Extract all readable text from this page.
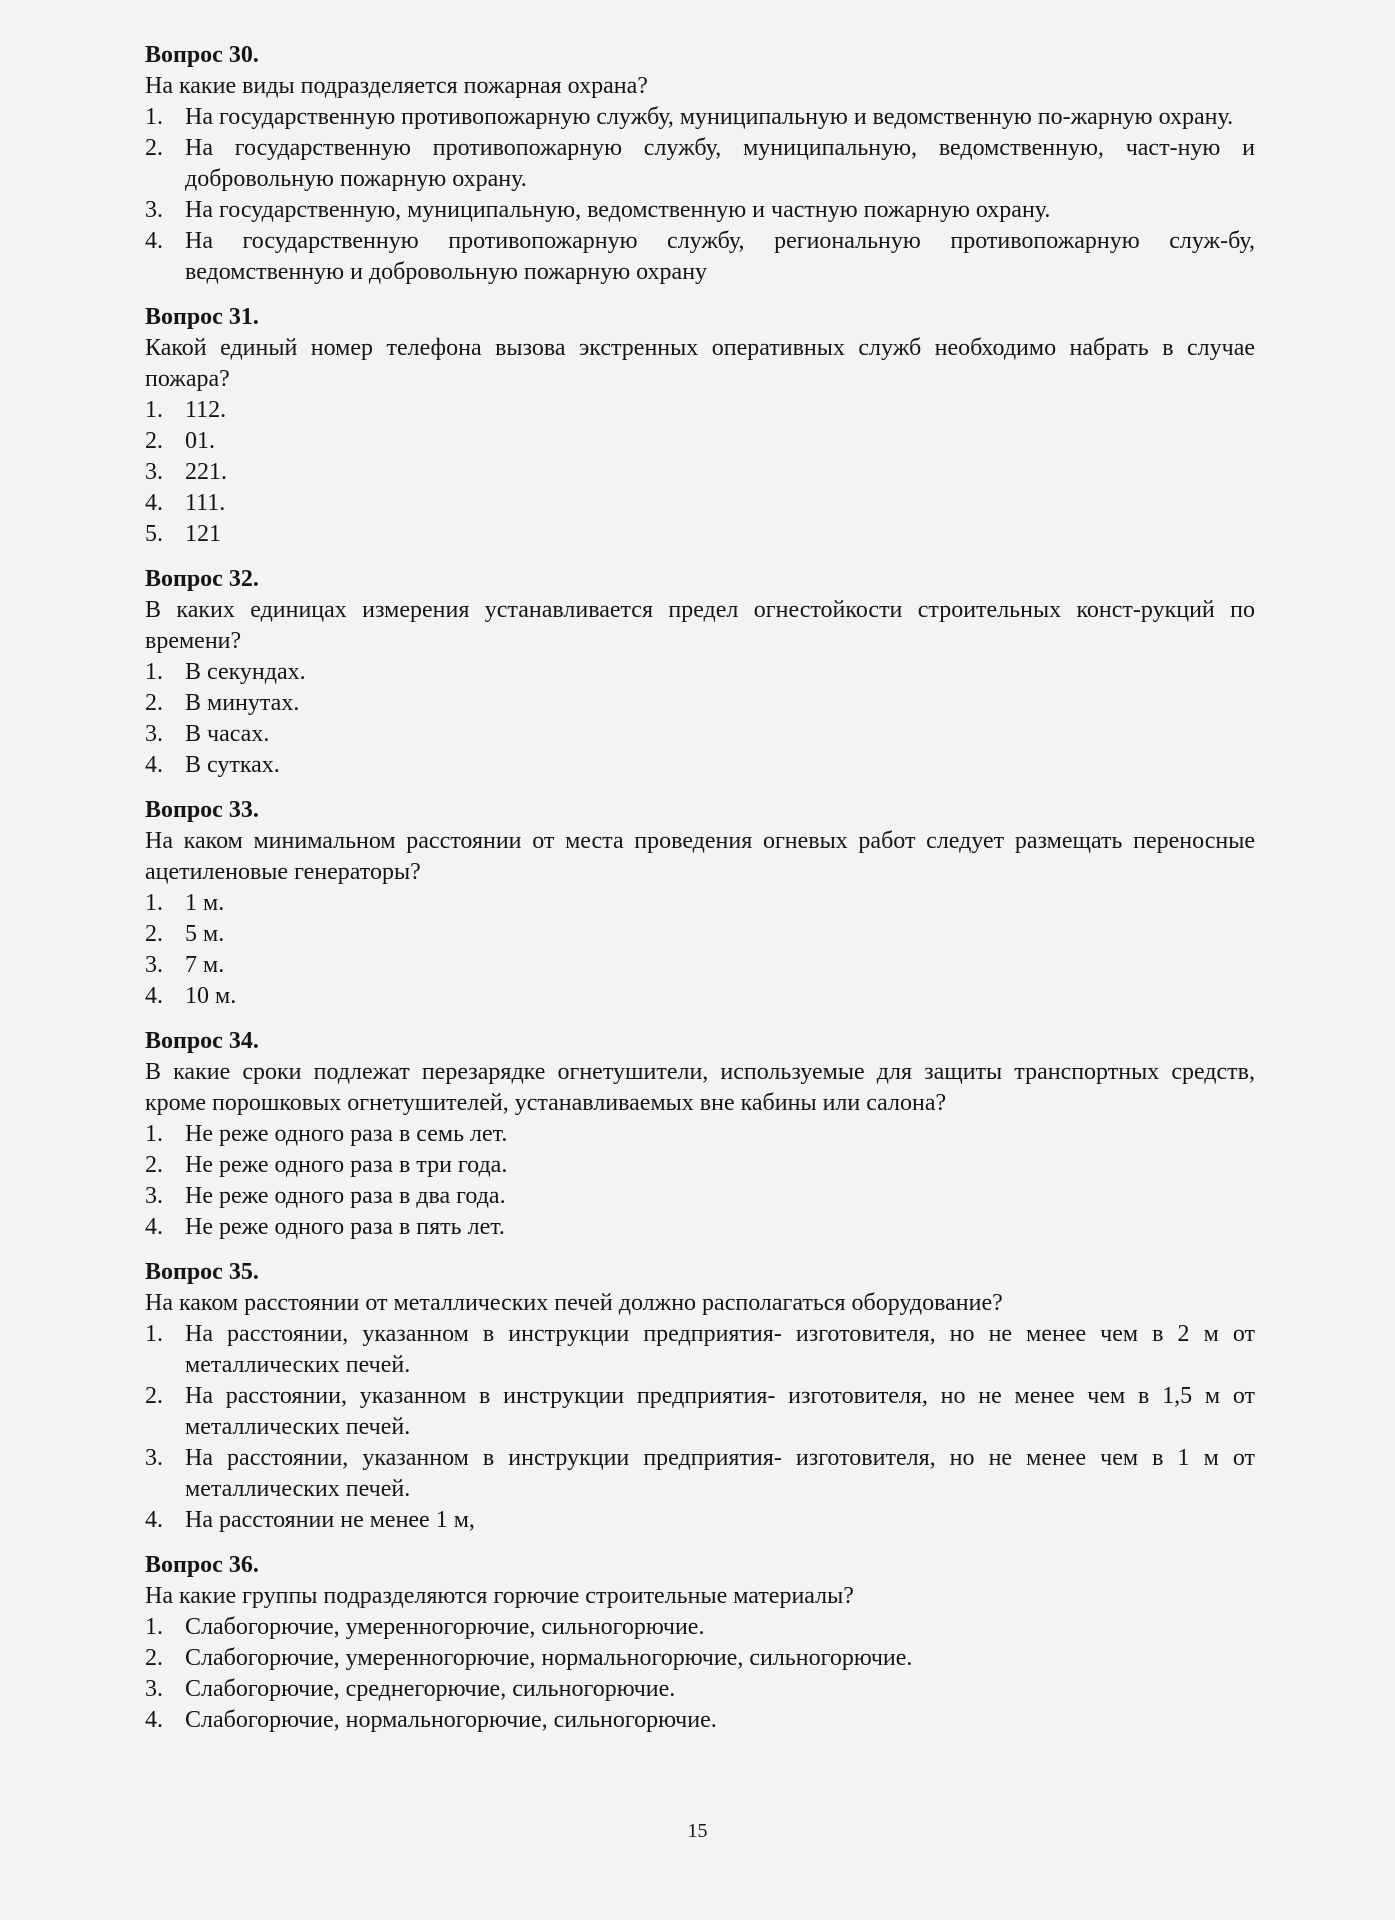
Вопрос 30.

На какие виды подразделяется пожарная охрана?

1. На государственную противопожарную службу, муниципальную и ведомственную по-жарную охрану.
2. На государственную противопожарную службу, муниципальную, ведомственную, част-ную и добровольную пожарную охрану.
3. На государственную, муниципальную, ведомственную и частную пожарную охрану.
4. На государственную противопожарную службу, региональную противопожарную служ-бу, ведомственную и добровольную пожарную охрану

Вопрос 31.

Какой единый номер телефона вызова экстренных оперативных служб необходимо набрать в случае пожара?

1. 112.
2. 01.
3. 221.
4. 111.
5. 121

Вопрос 32.

В каких единицах измерения устанавливается предел огнестойкости строительных конст-рукций по времени?

1. В секундах.
2. В минутах.
3. В часах.
4. В сутках.

Вопрос 33.

На каком минимальном расстоянии от места проведения огневых работ следует размещать переносные ацетиленовые генераторы?

1. 1 м.
2. 5 м.
3. 7 м.
4. 10 м.

Вопрос 34.

В какие сроки подлежат перезарядке огнетушители, используемые для защиты транспортных средств, кроме порошковых огнетушителей, устанавливаемых вне кабины или салона?

1. Не реже одного раза в семь лет.
2. Не реже одного раза в три года.
3. Не реже одного раза в два года.
4. Не реже одного раза в пять лет.

Вопрос 35.

На каком расстоянии от металлических печей должно располагаться оборудование?

1. На расстоянии, указанном в инструкции предприятия- изготовителя, но не менее чем в 2 м от металлических печей.
2. На расстоянии, указанном в инструкции предприятия- изготовителя, но не менее чем в 1,5 м от металлических печей.
3. На расстоянии, указанном в инструкции предприятия- изготовителя, но не менее чем в 1 м от металлических печей.
4. На расстоянии не менее 1 м,

Вопрос 36.

На какие группы подразделяются горючие строительные материалы?

1. Слабогорючие, умеренногорючие, сильногорючие.
2. Слабогорючие, умеренногорючие, нормальногорючие, сильногорючие.
3. Слабогорючие, среднегорючие, сильногорючие.
4. Слабогорючие, нормальногорючие, сильногорючие.
15
